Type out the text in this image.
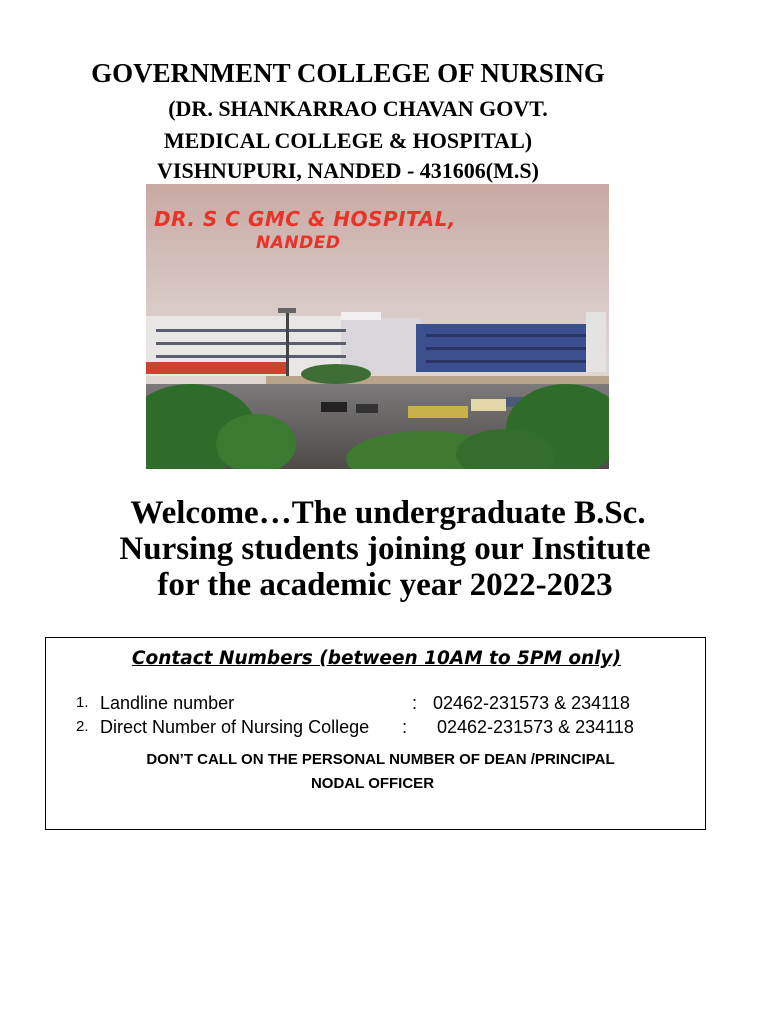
GOVERNMENT COLLEGE OF NURSING
(DR. SHANKARRAO CHAVAN GOVT.
MEDICAL COLLEGE & HOSPITAL)
VISHNUPURI, NANDED - 431606(M.S)
DR. S C GMC & HOSPITAL,
NANDED
Welcome…The undergraduate B.Sc.
Nursing students joining our Institute
for the academic year 2022-2023
Contact Numbers (between 10AM to 5PM only)
1. Landline number	: 02462-231573 & 234118
2. Direct Number of Nursing College : 02462-231573 & 234118
DON’T CALL ON THE PERSONAL NUMBER OF DEAN /PRINCIPAL
NODAL OFFICER
